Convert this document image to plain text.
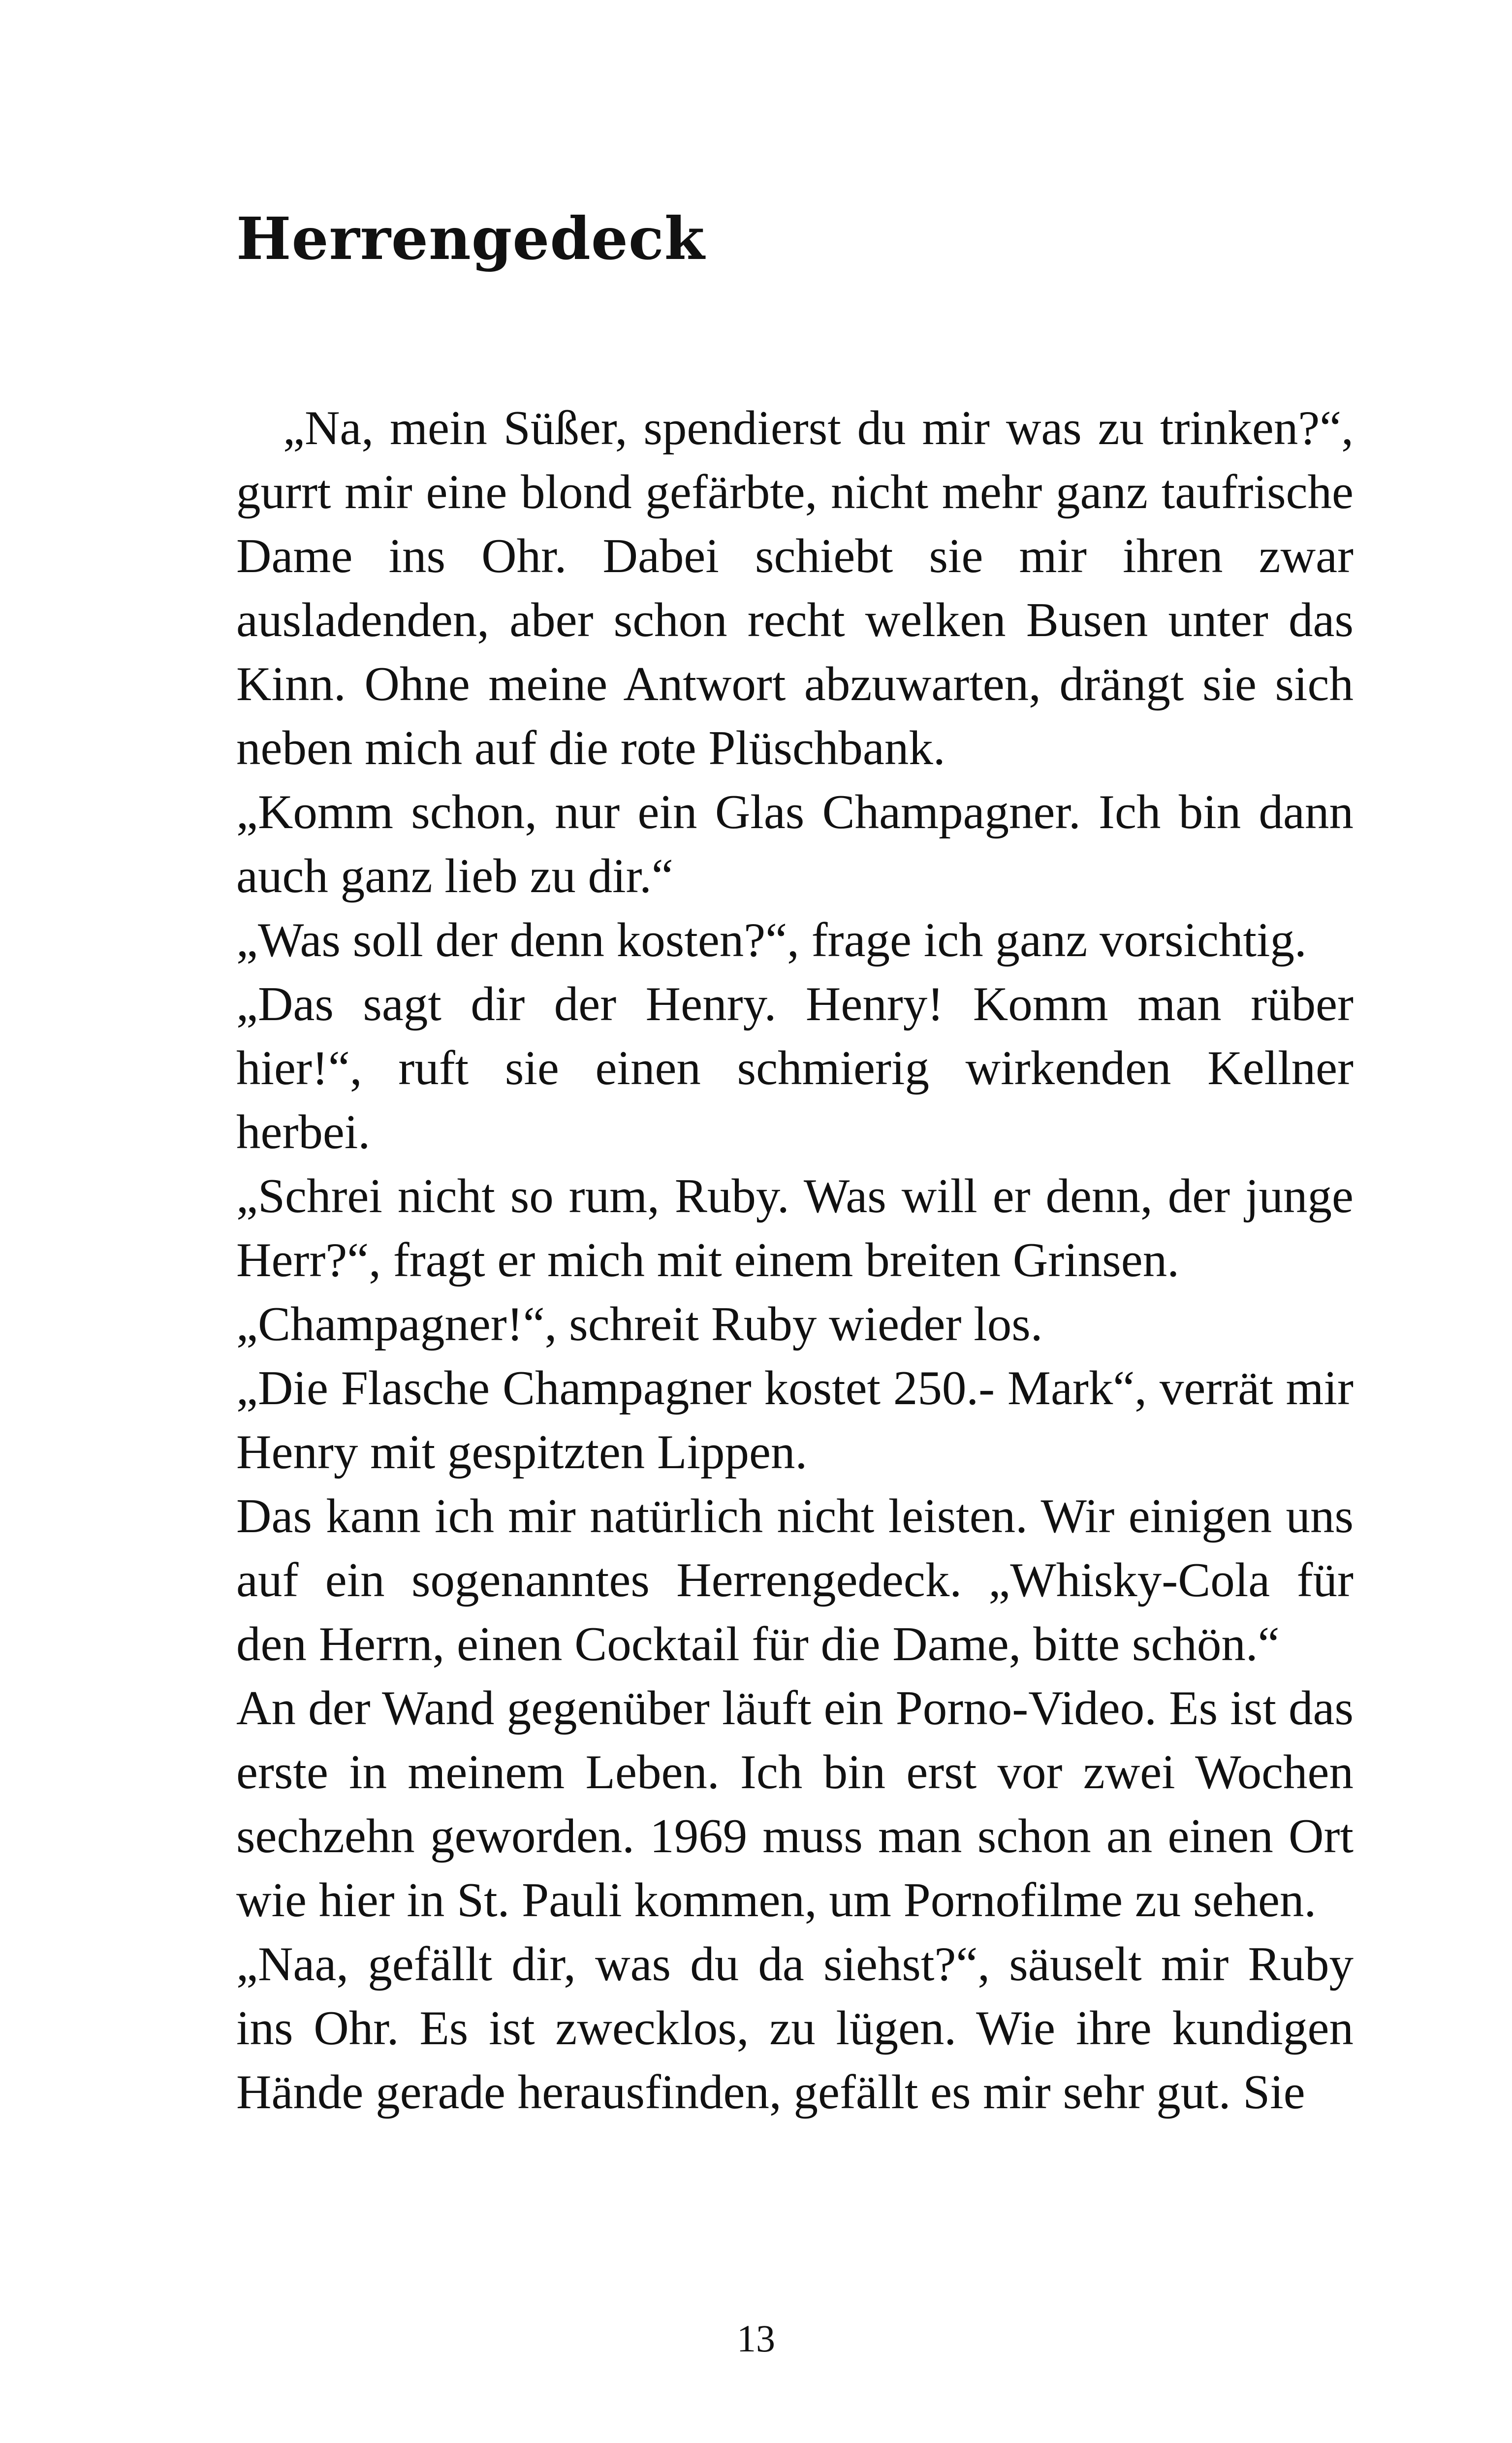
Herrengedeck

„Na, mein Süßer, spendierst du mir was zu trinken?“, gurrt mir eine blond gefärbte, nicht mehr ganz taufrische Dame ins Ohr. Dabei schiebt sie mir ihren zwar ausladenden, aber schon recht welken Busen unter das Kinn. Ohne meine Antwort abzuwarten, drängt sie sich neben mich auf die rote Plüschbank.

„Komm schon, nur ein Glas Champagner. Ich bin dann auch ganz lieb zu dir.“

„Was soll der denn kosten?“, frage ich ganz vorsichtig.

„Das sagt dir der Henry. Henry! Komm man rüber hier!“, ruft sie einen schmierig wirkenden Kellner herbei.

„Schrei nicht so rum, Ruby. Was will er denn, der junge Herr?“, fragt er mich mit einem breiten Grinsen.

„Champagner!“, schreit Ruby wieder los.

„Die Flasche Champagner kostet 250.- Mark“, verrät mir Henry mit gespitzten Lippen.

Das kann ich mir natürlich nicht leisten. Wir einigen uns auf ein sogenanntes Herrengedeck. „Whisky-Cola für den Herrn, einen Cocktail für die Dame, bitte schön.“

An der Wand gegenüber läuft ein Porno-Video. Es ist das erste in meinem Leben. Ich bin erst vor zwei Wochen sechzehn geworden. 1969 muss man schon an einen Ort wie hier in St. Pauli kommen, um Pornofilme zu sehen.

„Naa, gefällt dir, was du da siehst?“, säuselt mir Ruby ins Ohr. Es ist zwecklos, zu lügen. Wie ihre kundigen Hände gerade herausfinden, gefällt es mir sehr gut. Sie

13
